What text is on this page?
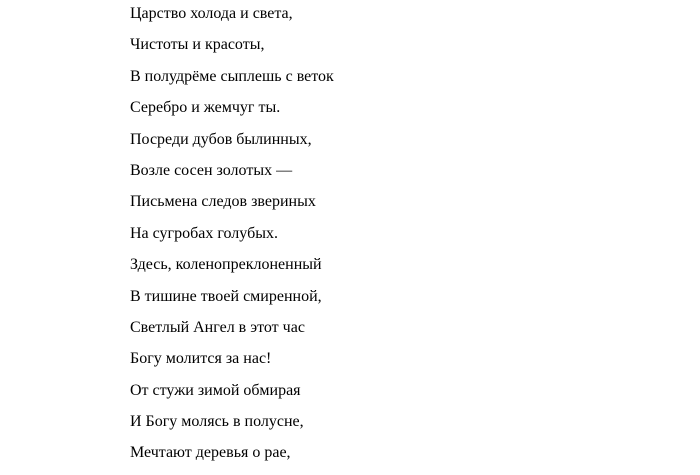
Царство холода и света,
Чистоты и красоты,
В полудрёме сыплешь с веток
Серебро и жемчуг ты.
Посреди дубов былинных,
Возле сосен золотых —
Письмена следов звериных
На сугробах голубых.
Здесь, коленопреклоненный
В тишине твоей смиренной,
Светлый Ангел в этот час
Богу молится за нас!
От стужи зимой обмирая
И Богу молясь в полусне,
Мечтают деревья о рае,
